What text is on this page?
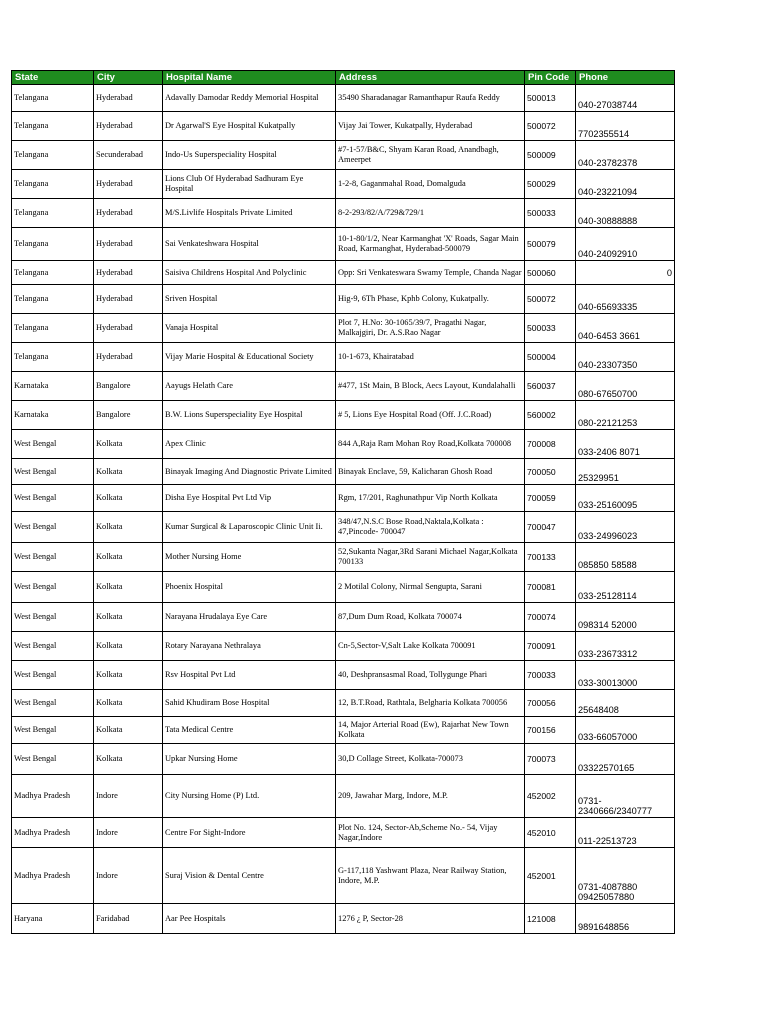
State	City	Hospital Name	Address	Pin Code	Phone
Telangana	Hyderabad	Adavally Damodar Reddy Memorial Hospital	35490 Sharadanagar Ramanthapur Raufa Reddy	500013	040-27038744
Telangana	Hyderabad	Dr Agarwal'S Eye Hospital Kukatpally	Vijay Jai Tower, Kukatpally, Hyderabad	500072	7702355514
Telangana	Secunderabad	Indo-Us Superspeciality Hospital	#7-1-57/B&C, Shyam Karan Road, Anandbagh, Ameerpet	500009	040-23782378
Telangana	Hyderabad	Lions Club Of Hyderabad Sadhuram Eye Hospital	1-2-8, Gaganmahal Road, Domalguda	500029	040-23221094
Telangana	Hyderabad	M/S.Livlife Hospitals Private Limited	8-2-293/82/A/729&729/1	500033	040-30888888
Telangana	Hyderabad	Sai Venkateshwara Hospital	10-1-80/1/2, Near Karmanghat 'X' Roads, Sagar Main Road, Karmanghat, Hyderabad-500079	500079	040-24092910
Telangana	Hyderabad	Saisiva Childrens Hospital And Polyclinic	Opp: Sri Venkateswara Swamy Temple, Chanda Nagar	500060	0
Telangana	Hyderabad	Sriven Hospital	Hig-9, 6Th Phase, Kphb Colony, Kukatpally.	500072	040-65693335
Telangana	Hyderabad	Vanaja Hospital	Plot 7, H.No: 30-1065/39/7, Pragathi Nagar, Malkajgiri, Dr. A.S.Rao Nagar	500033	040-6453 3661
Telangana	Hyderabad	Vijay Marie Hospital & Educational Society	10-1-673, Khairatabad	500004	040-23307350
Karnataka	Bangalore	Aayugs Helath Care	#477, 1St Main, B Block, Aecs Layout, Kundalahalli	560037	080-67650700
Karnataka	Bangalore	B.W. Lions Superspeciality Eye Hospital	# 5, Lions Eye Hospital Road (Off. J.C.Road)	560002	080-22121253
West Bengal	Kolkata	Apex Clinic	844 A,Raja Ram Mohan Roy Road,Kolkata 700008	700008	033-2406 8071
West Bengal	Kolkata	Binayak Imaging And Diagnostic Private Limited	Binayak Enclave, 59, Kalicharan Ghosh Road	700050	25329951
West Bengal	Kolkata	Disha Eye Hospital Pvt Ltd Vip	Rgm, 17/201, Raghunathpur Vip North Kolkata	700059	033-25160095
West Bengal	Kolkata	Kumar Surgical & Laparoscopic Clinic Unit Ii.	348/47,N.S.C Bose Road,Naktala,Kolkata : 47,Pincode- 700047	700047	033-24996023
West Bengal	Kolkata	Mother Nursing Home	52,Sukanta Nagar,3Rd Sarani Michael Nagar,Kolkata 700133	700133	085850 58588
West Bengal	Kolkata	Phoenix Hospital	2 Motilal Colony, Nirmal Sengupta, Sarani	700081	033-25128114
West Bengal	Kolkata	Narayana Hrudalaya Eye Care	87,Dum Dum Road, Kolkata 700074	700074	098314 52000
West Bengal	Kolkata	Rotary Narayana Nethralaya	Cn-5,Sector-V,Salt Lake Kolkata 700091	700091	033-23673312
West Bengal	Kolkata	Rsv Hospital Pvt Ltd	40, Deshpransasmal Road, Tollygunge Phari	700033	033-30013000
West Bengal	Kolkata	Sahid Khudiram Bose Hospital	12, B.T.Road, Rathtala, Belgharia Kolkata 700056	700056	25648408
West Bengal	Kolkata	Tata Medical Centre	14, Major Arterial Road (Ew), Rajarhat New Town Kolkata	700156	033-66057000
West Bengal	Kolkata	Upkar Nursing Home	30,D Collage Street, Kolkata-700073	700073	03322570165
Madhya Pradesh	Indore	City Nursing Home (P) Ltd.	209, Jawahar Marg, Indore, M.P.	452002	0731-2340666/2340777
Madhya Pradesh	Indore	Centre For Sight-Indore	Plot No. 124, Sector-Ab,Scheme No.- 54, Vijay Nagar,Indore	452010	011-22513723
Madhya Pradesh	Indore	Suraj Vision & Dental Centre	G-117,118 Yashwant Plaza, Near Railway Station, Indore, M.P.	452001	0731-4087880 09425057880
Haryana	Faridabad	Aar Pee Hospitals	1276 ¿ P, Sector-28	121008	9891648856
